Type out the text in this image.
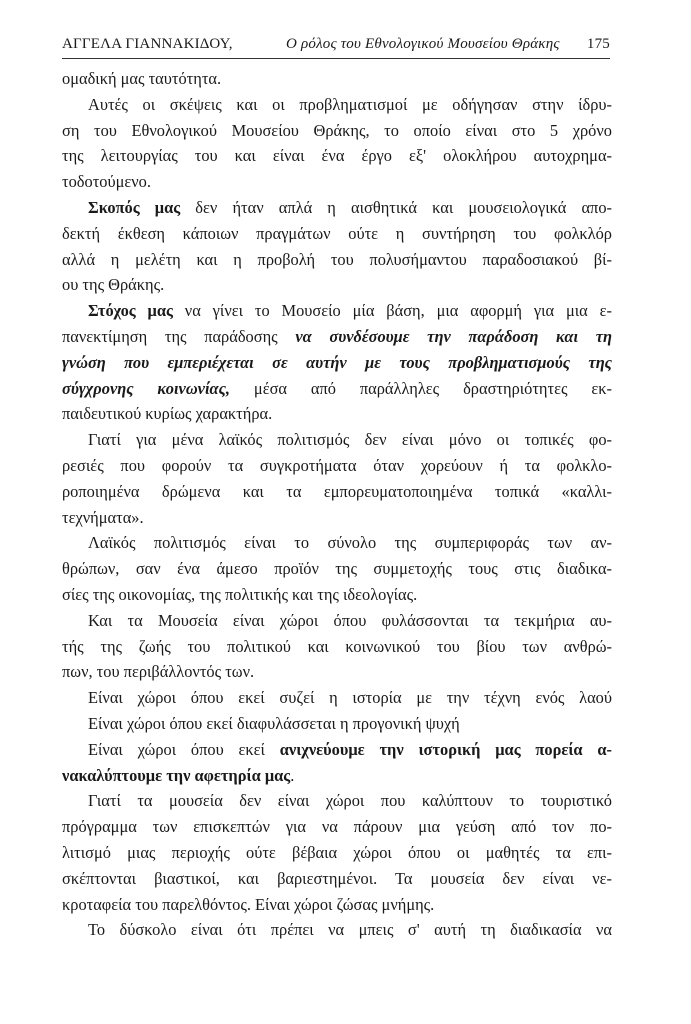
ΑΓΓΕΛΑ ΓΙΑΝΝΑΚΙΔΟΥ,	Ο ρόλος του Εθνολογικού Μουσείου Θράκης 175
ομαδική μας ταυτότητα.
Αυτές οι σκέψεις και οι προβληματισμοί με οδήγησαν στην ίδρυ-
ση του Εθνολογικού Μουσείου Θράκης, το οποίο είναι στο 5 χρόνο
της λειτουργίας του και είναι ένα έργο εξ' ολοκλήρου αυτοχρημα-
τοδοτούμενο.
Σκοπός μας δεν ήταν απλά η αισθητικά και μουσειολογικά απο-
δεκτή έκθεση κάποιων πραγμάτων ούτε η συντήρηση του φολκλόρ
αλλά η μελέτη και η προβολή του πολυσήμαντου παραδοσιακού βί-
ου της Θράκης.
Στόχος μας να γίνει το Μουσείο μία βάση, μια αφορμή για μια ε-
πανεκτίμηση της παράδοσης να συνδέσουμε την παράδοση και τη
γνώση που εμπεριέχεται σε αυτήν με τους προβληματισμούς της
σύγχρονης κοινωνίας, μέσα από παράλληλες δραστηριότητες εκ-
παιδευτικού κυρίως χαρακτήρα.
Γιατί για μένα λαϊκός πολιτισμός δεν είναι μόνο οι τοπικές φο-
ρεσιές που φορούν τα συγκροτήματα όταν χορεύουν ή τα φολκλο-
ροποιημένα δρώμενα και τα εμπορευματοποιημένα τοπικά «καλλι-
τεχνήματα».
Λαϊκός πολιτισμός είναι το σύνολο της συμπεριφοράς των αν-
θρώπων, σαν ένα άμεσο προϊόν της συμμετοχής τους στις διαδικα-
σίες της οικονομίας, της πολιτικής και της ιδεολογίας.
Και τα Μουσεία είναι χώροι όπου φυλάσσονται τα τεκμήρια αυ-
τής της ζωής του πολιτικού και κοινωνικού του βίου των ανθρώ-
πων, του περιβάλλοντός των.
Είναι χώροι όπου εκεί συζεί η ιστορία με την τέχνη ενός λαού
Είναι χώροι όπου εκεί διαφυλάσσεται η προγονική ψυχή
Είναι χώροι όπου εκεί ανιχνεύουμε την ιστορική μας πορεία α-
νακαλύπτουμε την αφετηρία μας.
Γιατί τα μουσεία δεν είναι χώροι που καλύπτουν το τουριστικό
πρόγραμμα των επισκεπτών για να πάρουν μια γεύση από τον πο-
λιτισμό μιας περιοχής ούτε βέβαια χώροι όπου οι μαθητές τα επι-
σκέπτονται βιαστικοί, και βαριεστημένοι. Τα μουσεία δεν είναι νε-
κροταφεία του παρελθόντος. Είναι χώροι ζώσας μνήμης.
Το δύσκολο είναι ότι πρέπει να μπεις σ' αυτή τη διαδικασία να
